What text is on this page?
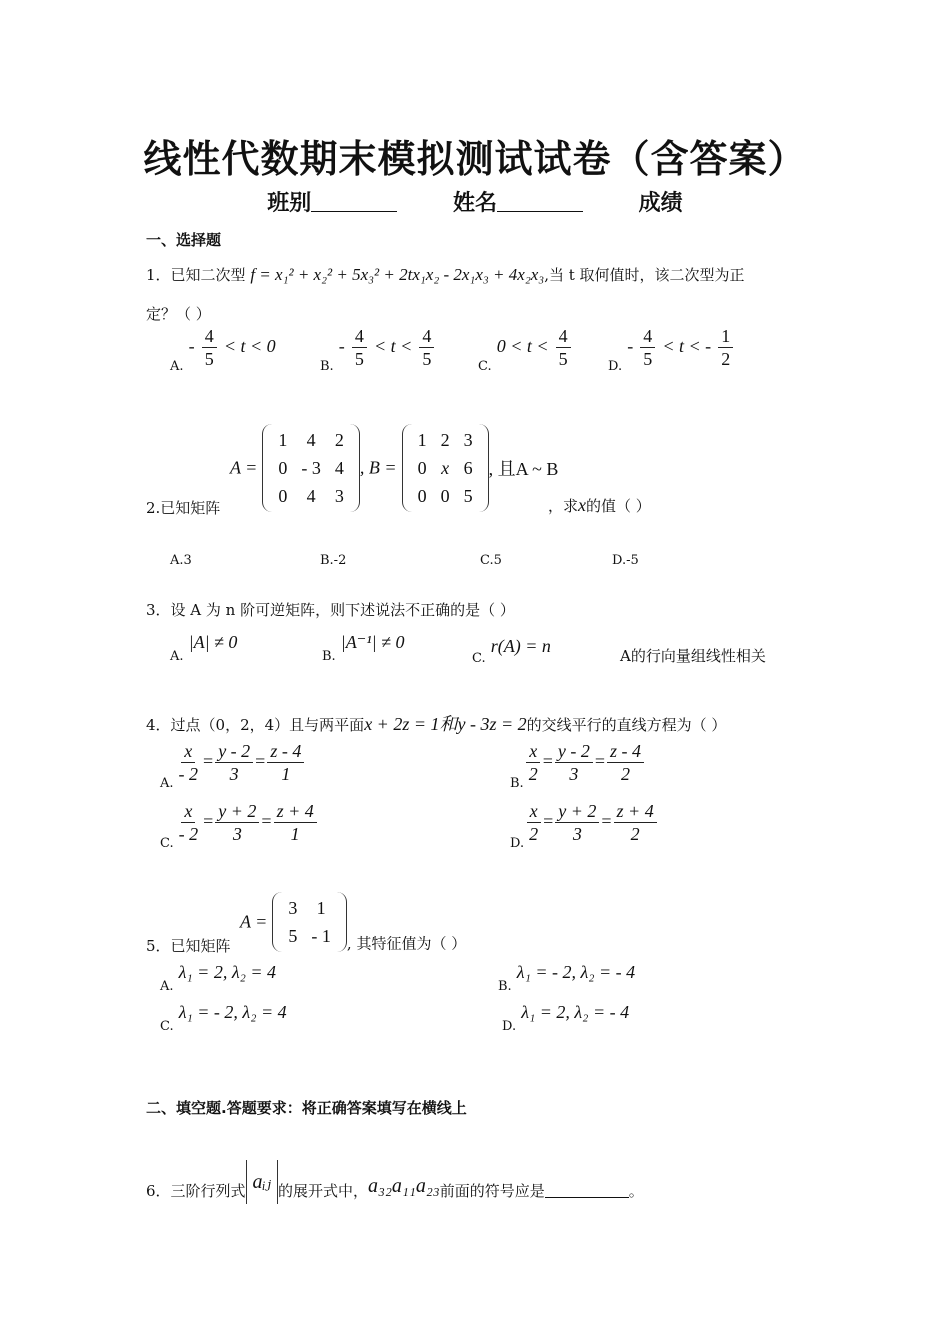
线性代数期末模拟测试试卷（含答案）
班别	姓名	成绩
一、选择题
1．已知二次型 f = x₁² + x₂² + 5x₃² + 2tx₁x₂ - 2x₁x₃ + 4x₂x₃,当 t 取何值时，该二次型为正
定？（ ）
$_{A.} - \frac{4}{5} < t < 0$
$_{B.} - \frac{4}{5} < t < \frac{4}{5}$	$_{C.}$ $0 < t < \frac{4}{5}$	$_{D.} - \frac{4}{5} < t$ < - $\frac{1}{2}$
A =
1	4	2
0	- 3	4
0	4	3
, B =
1	2	3
0	x	6
0	0	5
, 且A ~ B
2.已知矩阵	，求x的值（ ）
A.3	B.-2	C.5	D.-5
3．设 A 为 n 阶可逆矩阵，则下述说法不正确的是（ ）
$_{A.}$ |A| ≠ 0
$_{B.}$ |A⁻¹| ≠ 0
$_{C.}$ r(A) = n	A的行向量组线性相关
4．过点（0，2，4）且与两平面x + 2z = 1和y - 3z = 2的交线平行的直线方程为（ ）
$_{A.} \frac{x}{- 2} = \frac{y - 2}{3} = \frac{z - 4}{1}$	$_{B.} \frac{x}{2} = \frac{y - 2}{3} = \frac{z - 4}{2}$
$_{C.} \frac{x}{- 2} = \frac{y + 2}{3} = \frac{z + 4}{1}$	$_{D.} \frac{x}{2} = \frac{y + 2}{3} = \frac{z + 4}{2}$
A =
3	1
5	- 1 , 其特征值为（ ）
5．已知矩阵
$_{A.}$ λ₁ = 2, λ₂ = 4
$_{B.}$ λ₁ = - 2, λ₂ = - 4
$_{C.}$ λ₁ = - 2, λ₂ = 4
$_{D.}$ λ₁ = 2, λ₂ = - 4
二、填空题.答题要求：将正确答案填写在横线上
6．三阶行列式 aᵢⱼ 的展开式中，a₃₂a₁₁a₂₃前面的符号应是	。
